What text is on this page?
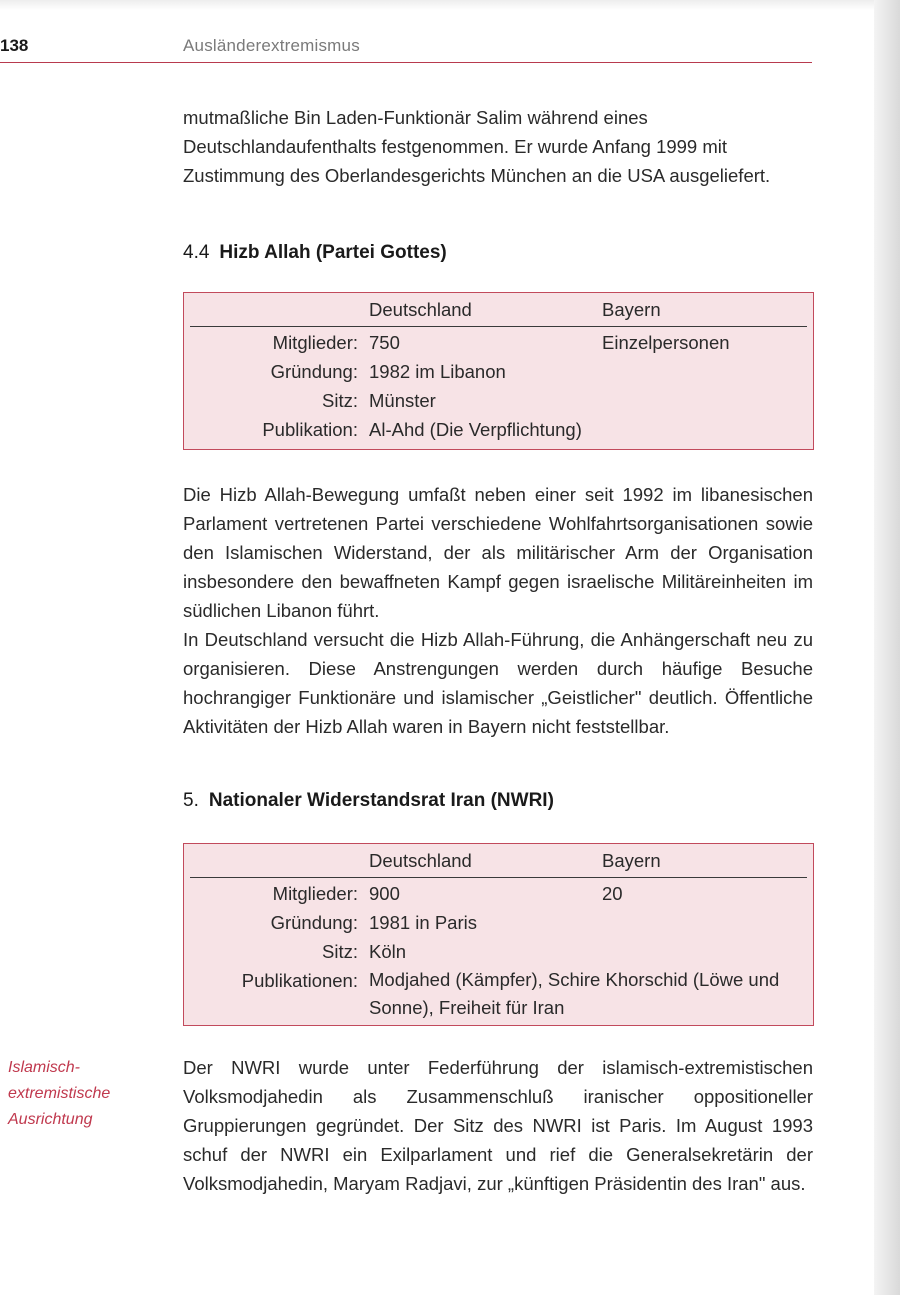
138	Ausländerextremismus

mutmaßliche Bin Laden-Funktionär Salim während eines Deutschlandaufenthalts festgenommen. Er wurde Anfang 1999 mit Zustimmung des Oberlandesgerichts München an die USA ausgeliefert.

4.4 Hizb Allah (Partei Gottes)
Deutschland	Bayern
Mitglieder: 750	Einzelpersonen
Gründung: 1982 im Libanon
Sitz: Münster
Publikation: Al-Ahd (Die Verpflichtung)

Die Hizb Allah-Bewegung umfaßt neben einer seit 1992 im libanesischen Parlament vertretenen Partei verschiedene Wohlfahrtsorganisationen sowie den Islamischen Widerstand, der als militärischer Arm der Organisation insbesondere den bewaffneten Kampf gegen israelische Militäreinheiten im südlichen Libanon führt.

In Deutschland versucht die Hizb Allah-Führung, die Anhängerschaft neu zu organisieren. Diese Anstrengungen werden durch häufige Besuche hochrangiger Funktionäre und islamischer „Geistlicher" deutlich. Öffentliche Aktivitäten der Hizb Allah waren in Bayern nicht feststellbar.

5. Nationaler Widerstandsrat Iran (NWRI)
Deutschland	Bayern
Mitglieder: 900	20
Gründung: 1981 in Paris
Sitz: Köln
Publikationen: Modjahed (Kämpfer), Schire Khorschid (Löwe und Sonne), Freiheit für Iran
Islamisch-
extremistische
Ausrichtung

Der NWRI wurde unter Federführung der islamisch-extremistischen Volksmodjahedin als Zusammenschluß iranischer oppositioneller Gruppierungen gegründet. Der Sitz des NWRI ist Paris. Im August 1993 schuf der NWRI ein Exilparlament und rief die Generalsekretärin der Volksmodjahedin, Maryam Radjavi, zur „künftigen Präsidentin des Iran" aus.
